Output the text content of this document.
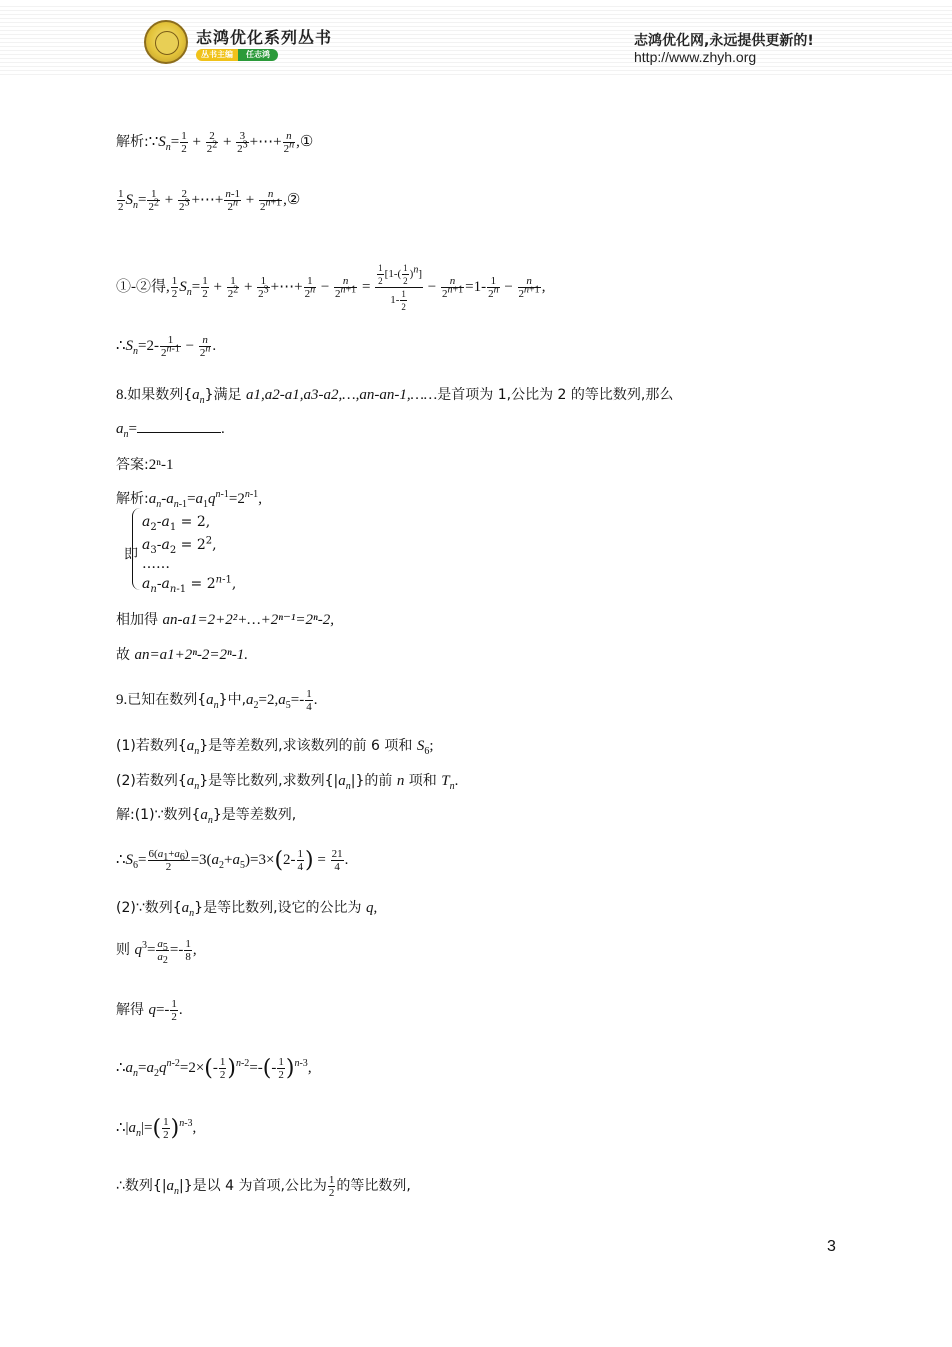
志鸿优化系列丛书
丛书主编	任志鸿
志鸿优化网,永远提供更新的!
http://www.zhyh.org
解析$:\because S_n= \frac{1}{2} + \frac{2}{2^2} + \frac{3}{2^3}$ +⋯+ $\frac{n}{2^n}$ ,①
$\frac{1}{2} S_n= \frac{1}{2^2} + \frac{2}{2^3}$ +⋯+ $\frac{n-1}{2^n} + \frac{n}{2^{n+1}}$ ,②
①-②得, $\frac{1}{2} S_n= \frac{1}{2} + \frac{1}{2^2} + \frac{1}{2^3}$ +⋯+ $\frac{1}{2^n} - \frac{n}{2^{n+1}} = \frac{\frac{1}{2} [1-( \frac{1}{2} )^n]}{1- \frac{1}{2}} - \frac{n}{2^{n+1}} =1- \frac{1}{2^n} - \frac{n}{2^{n+1}}$ ,
$\therefore S_n=2- \frac{1}{2^{n-1}} - \frac{n}{2^n}$ .
8.如果数列$\{a_n\}$满足 a1,a2-a1,a3-a2,…,an-an-1,……是首项为 1,公比为 2 的等比数列,那么
$a_n=$	.
答案:2ⁿ-1
解析$:a_n-a_{n-1}=a_1q^{n-1}=2^{n-1}$,
即
$a_2-a_1 = 2$,
$a_3-a_2 = 2^2$,
……
$a_n-a_{n-1} = 2^{n-1}$,
相加得 an-a1=2+2²+…+2ⁿ⁻¹=2ⁿ-2,
故 an=a1+2ⁿ-2=2ⁿ-1.
9.已知在数列$\{a_n\}$中$,a_2=2,a_5=- \frac{1}{4}$ .
(1)若数列$\{a_n\}$是等差数列,求该数列的前 6 项和 $S_6$;
(2)若数列$\{a_n\}$是等比数列,求数列$\{|a_n|\}$的前 n 项和 $T_n$.
解:(1)∵数列$\{a_n\}$是等差数列,
$\therefore S_6= \frac{6(a_1+a_6)}{2} =3(a_2+a_5)=3\times(2- \frac{1}{4}$ ) = $\frac{21}{4}$ .
(2)∵数列$\{a_n\}$是等比数列,设它的公比为 q,
则 $q^3= \frac{a_5}{a_2} =- \frac{1}{8}$ ,
解得 $q=- \frac{1}{2}$ .
$\therefore a_n=a_2q^{n-2}=2\times(- \frac{1}{2} )^{n-2}=-(- \frac{1}{2} )^{n-3}$,
$\therefore|a_n|=( \frac{1}{2} )^{n-3}$,
∴数列$\{|a_n|\}$是以 4 为首项,公比为 $\frac{1}{2}$ 的等比数列,
3
